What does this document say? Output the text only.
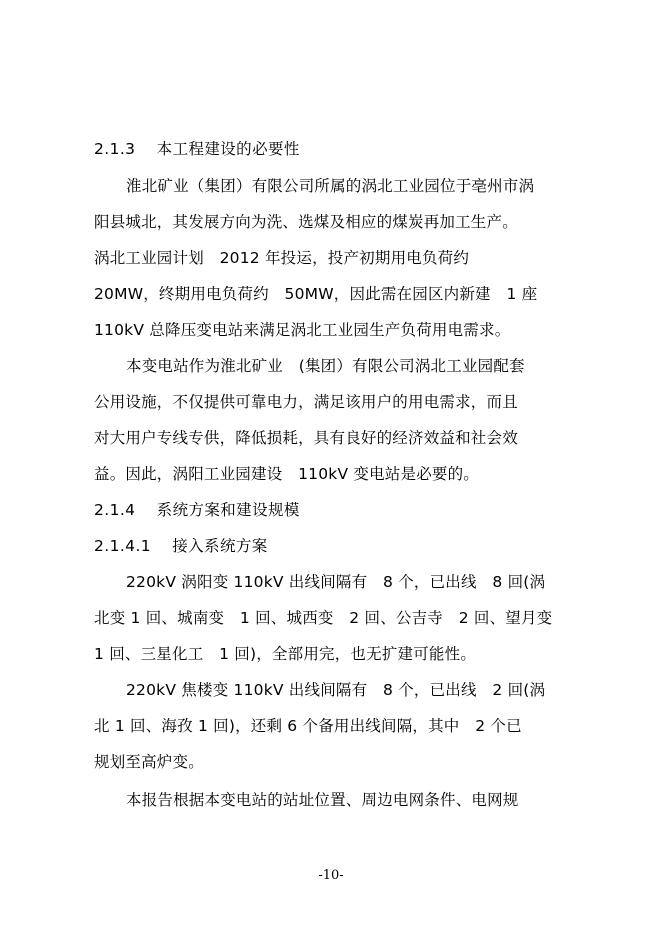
2.1.3　 本工程建设的必要性
淮北矿业（集团）有限公司所属的涡北工业园位于亳州市涡
阳县城北，其发展方向为洗、选煤及相应的煤炭再加工生产。
涡北工业园计划　2012 年投运，投产初期用电负荷约
20MW，终期用电负荷约　50MW，因此需在园区内新建　1 座
110kV 总降压变电站来满足涡北工业园生产负荷用电需求。
本变电站作为淮北矿业　(集团）有限公司涡北工业园配套
公用设施，不仅提供可靠电力，满足该用户的用电需求，而且
对大用户专线专供，降低损耗，具有良好的经济效益和社会效
益。因此，涡阳工业园建设　110kV 变电站是必要的。
2.1.4　 系统方案和建设规模
2.1.4.1　 接入系统方案
220kV 涡阳变 110kV 出线间隔有　8 个，已出线　8 回(涡
北变 1 回、城南变　1 回、城西变　2 回、公吉寺　2 回、望月变
1 回、三星化工　1 回)，全部用完，也无扩建可能性。
220kV 焦楼变 110kV 出线间隔有　8 个，已出线　2 回(涡
北 1 回、海孜 1 回)，还剩 6 个备用出线间隔，其中　2 个已
规划至高炉变。
本报告根据本变电站的站址位置、周边电网条件、电网规
-10-
